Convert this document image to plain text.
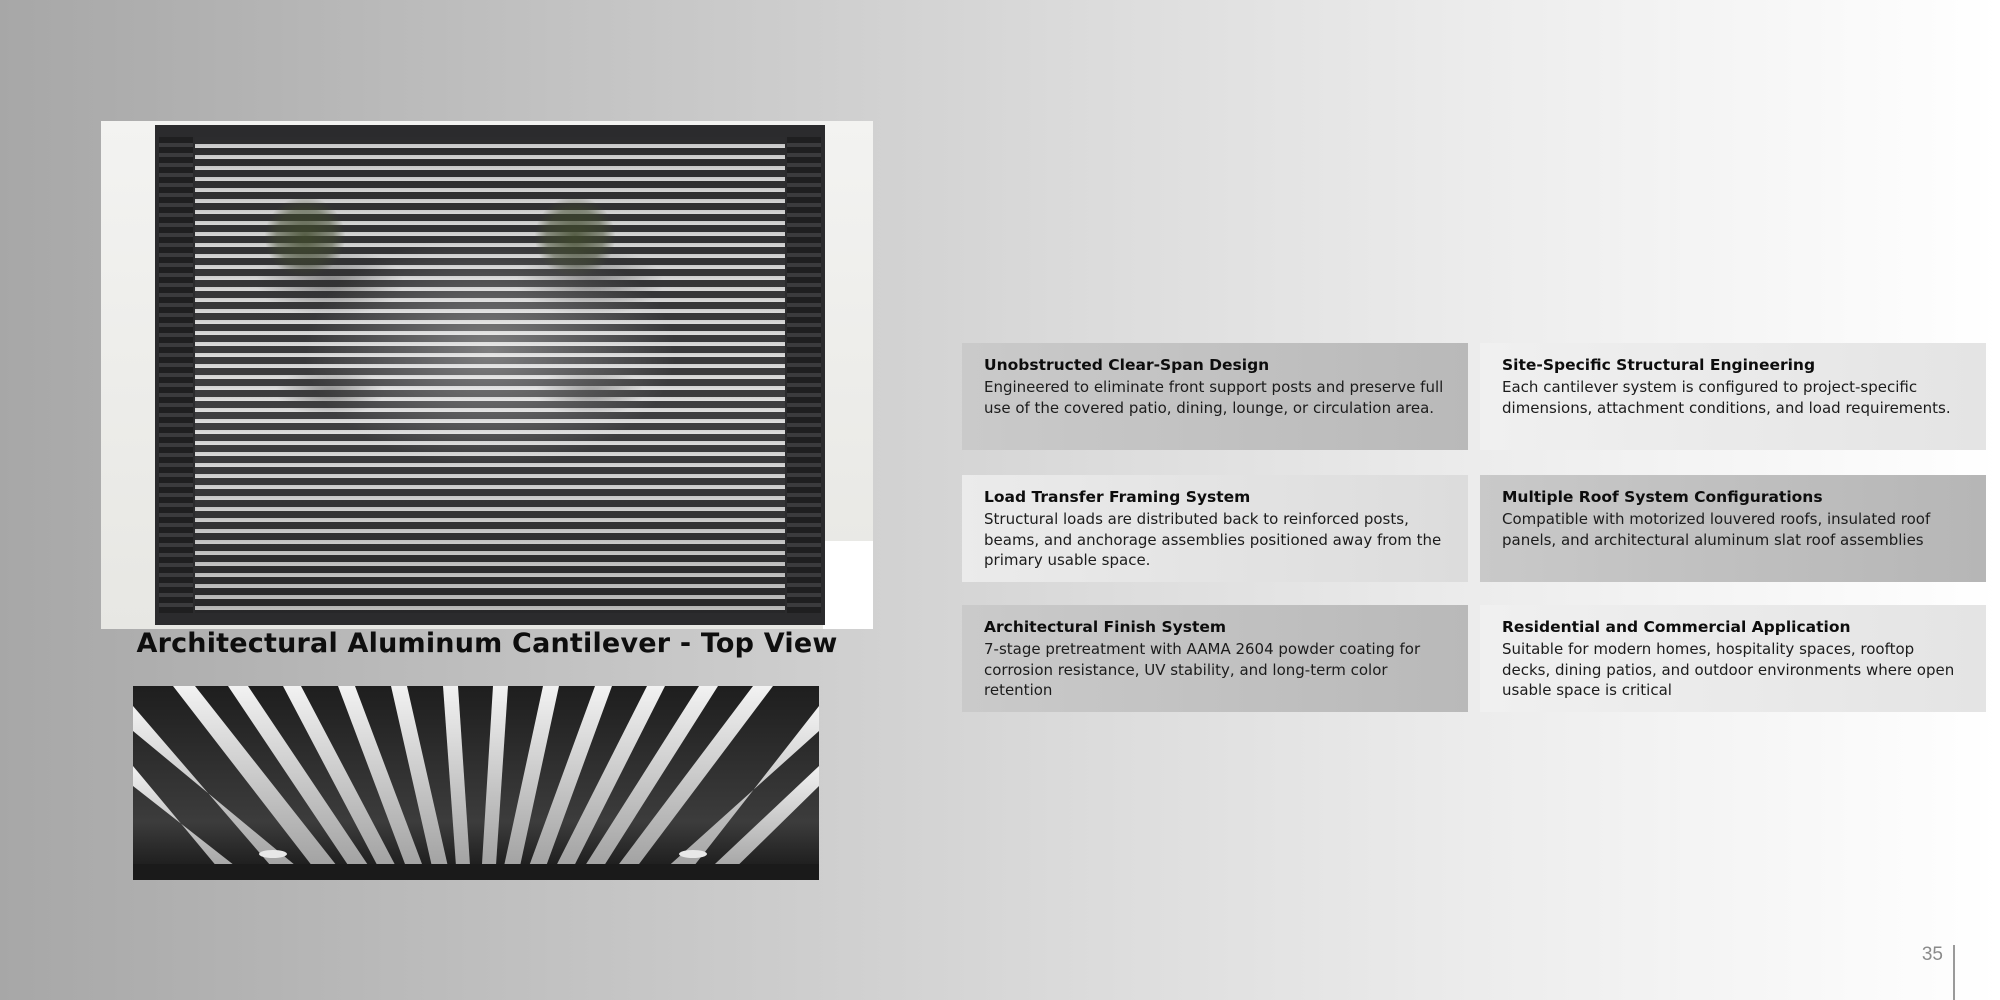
Architectural Aluminum Cantilever - Top View
Unobstructed Clear-Span Design
Engineered to eliminate front support posts and preserve full use of the covered patio, dining, lounge, or circulation area.
Site-Specific Structural Engineering
Each cantilever system is configured to project-specific dimensions, attachment conditions, and load requirements.
Load Transfer Framing System
Structural loads are distributed back to reinforced posts, beams, and anchorage assemblies positioned away from the primary usable space.
Multiple Roof System Configurations
Compatible with motorized louvered roofs, insulated roof panels, and architectural aluminum slat roof assemblies
Architectural Finish System
7-stage pretreatment with AAMA 2604 powder coating for corrosion resistance, UV stability, and long-term color retention
Residential and Commercial Application
Suitable for modern homes, hospitality spaces, rooftop decks, dining patios, and outdoor environments where open usable space is critical
35
